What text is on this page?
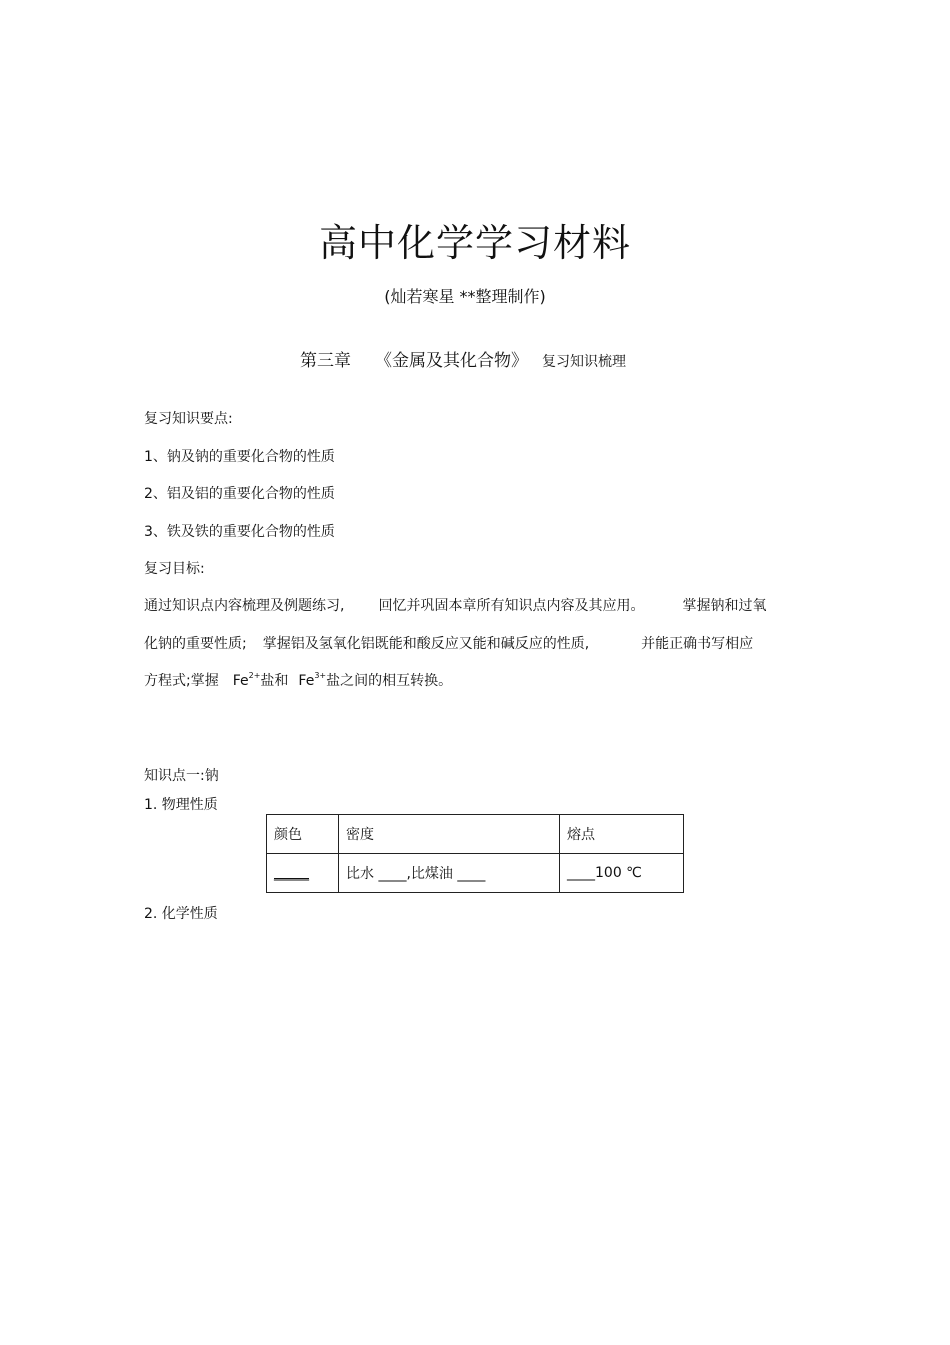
高中化学学习材料
(灿若寒星 **整理制作)
第三章 《金属及其化合物》 复习知识梳理
复习知识要点:
1、钠及钠的重要化合物的性质
2、铝及铝的重要化合物的性质
3、铁及铁的重要化合物的性质
复习目标:
通过知识点内容梳理及例题练习, 回忆并巩固本章所有知识点内容及其应用。	掌握钠和过氧
化钠的重要性质; 掌握铝及氢氧化铝既能和酸反应又能和碱反应的性质,	并能正确书写相应
方程式;掌握 $Fe^{2+}$盐和 $Fe^{3+}$盐之间的相互转换。
知识点一:钠
1. 物理性质
颜色	密度	熔点
_____	比水 ____,比煤油 ____	____100 ℃
2. 化学性质
